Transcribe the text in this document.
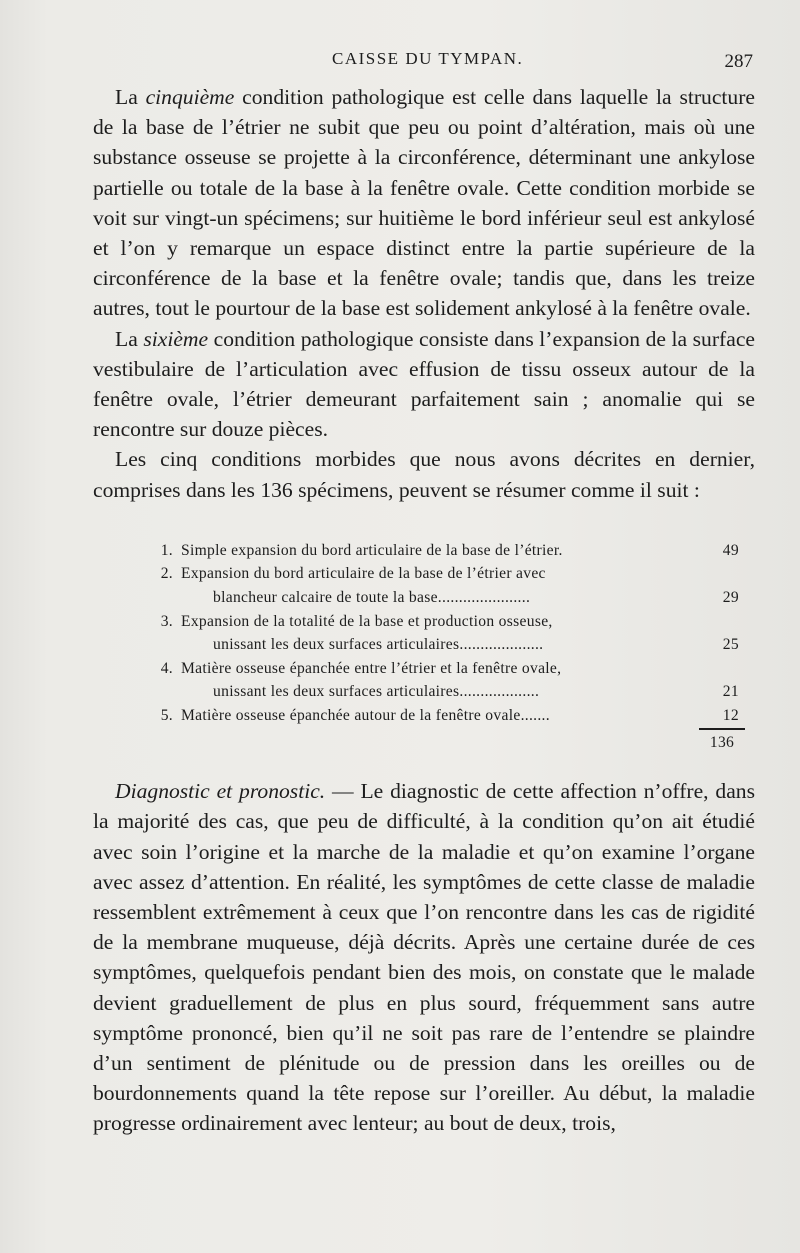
CAISSE DU TYMPAN.	287

La cinquième condition pathologique est celle dans laquelle la structure de la base de l’étrier ne subit que peu ou point d’altération, mais où une substance osseuse se projette à la circonférence, déterminant une ankylose partielle ou totale de la base à la fenêtre ovale. Cette condition morbide se voit sur vingt-un spécimens; sur huitième le bord inférieur seul est ankylosé et l’on y remarque un espace distinct entre la partie supérieure de la circonférence de la base et la fenêtre ovale; tandis que, dans les treize autres, tout le pourtour de la base est solidement ankylosé à la fenêtre ovale.

La sixième condition pathologique consiste dans l’expansion de la surface vestibulaire de l’articulation avec effusion de tissu osseux autour de la fenêtre ovale, l’étrier demeurant parfaitement sain ; anomalie qui se rencontre sur douze pièces.

Les cinq conditions morbides que nous avons décrites en dernier, comprises dans les 136 spécimens, peuvent se résumer comme il suit :

1. Simple expansion du bord articulaire de la base de l’étrier.	49
2. Expansion du bord articulaire de la base de l’étrier avec
blancheur calcaire de toute la base......................	29
3. Expansion de la totalité de la base et production osseuse,
unissant les deux surfaces articulaires....................	25
4. Matière osseuse épanchée entre l’étrier et la fenêtre ovale,
unissant les deux surfaces articulaires...................	21
5. Matière osseuse épanchée autour de la fenêtre ovale.......	12
136

Diagnostic et pronostic. — Le diagnostic de cette affection n’offre, dans la majorité des cas, que peu de difficulté, à la condition qu’on ait étudié avec soin l’origine et la marche de la maladie et qu’on examine l’organe avec assez d’attention. En réalité, les symptômes de cette classe de maladie ressemblent extrêmement à ceux que l’on rencontre dans les cas de rigidité de la membrane muqueuse, déjà décrits. Après une certaine durée de ces symptômes, quelquefois pendant bien des mois, on constate que le malade devient graduellement de plus en plus sourd, fréquemment sans autre symptôme prononcé, bien qu’il ne soit pas rare de l’entendre se plaindre d’un sentiment de plénitude ou de pression dans les oreilles ou de bourdonnements quand la tête repose sur l’oreiller. Au début, la maladie progresse ordinairement avec lenteur; au bout de deux, trois,
